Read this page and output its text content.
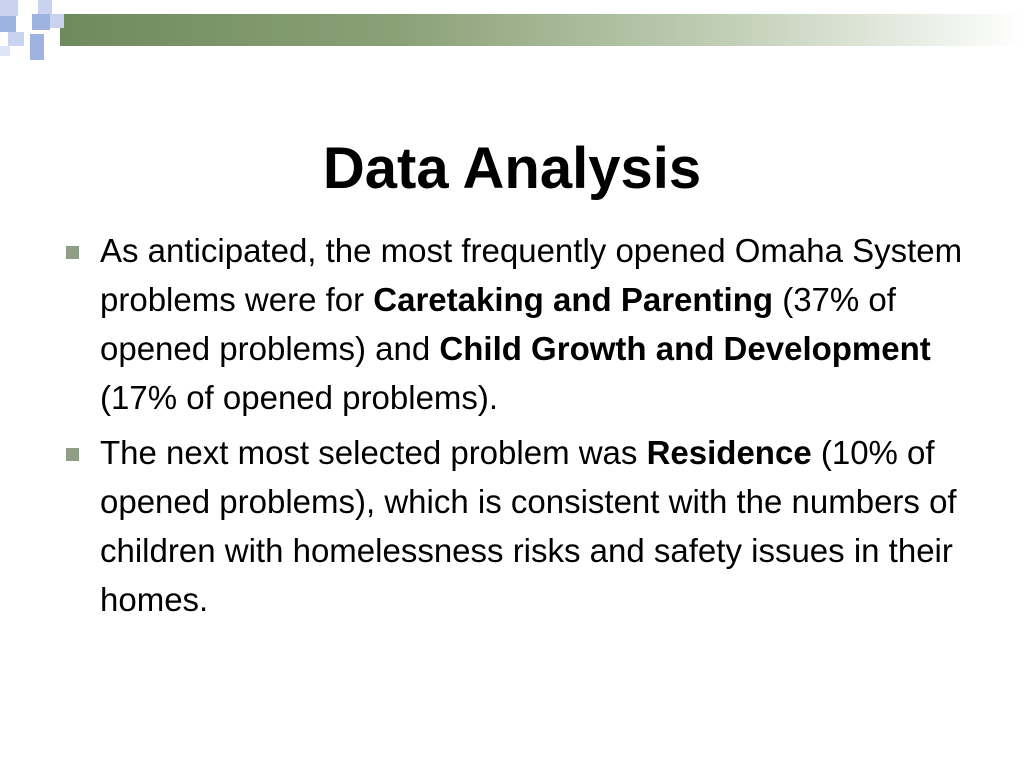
Data Analysis
As anticipated, the most frequently opened Omaha System problems were for Caretaking and Parenting (37% of opened problems) and Child Growth and Development (17% of opened problems).
The next most selected problem was Residence (10% of opened problems), which is consistent with the numbers of children with homelessness risks and safety issues in their homes.
